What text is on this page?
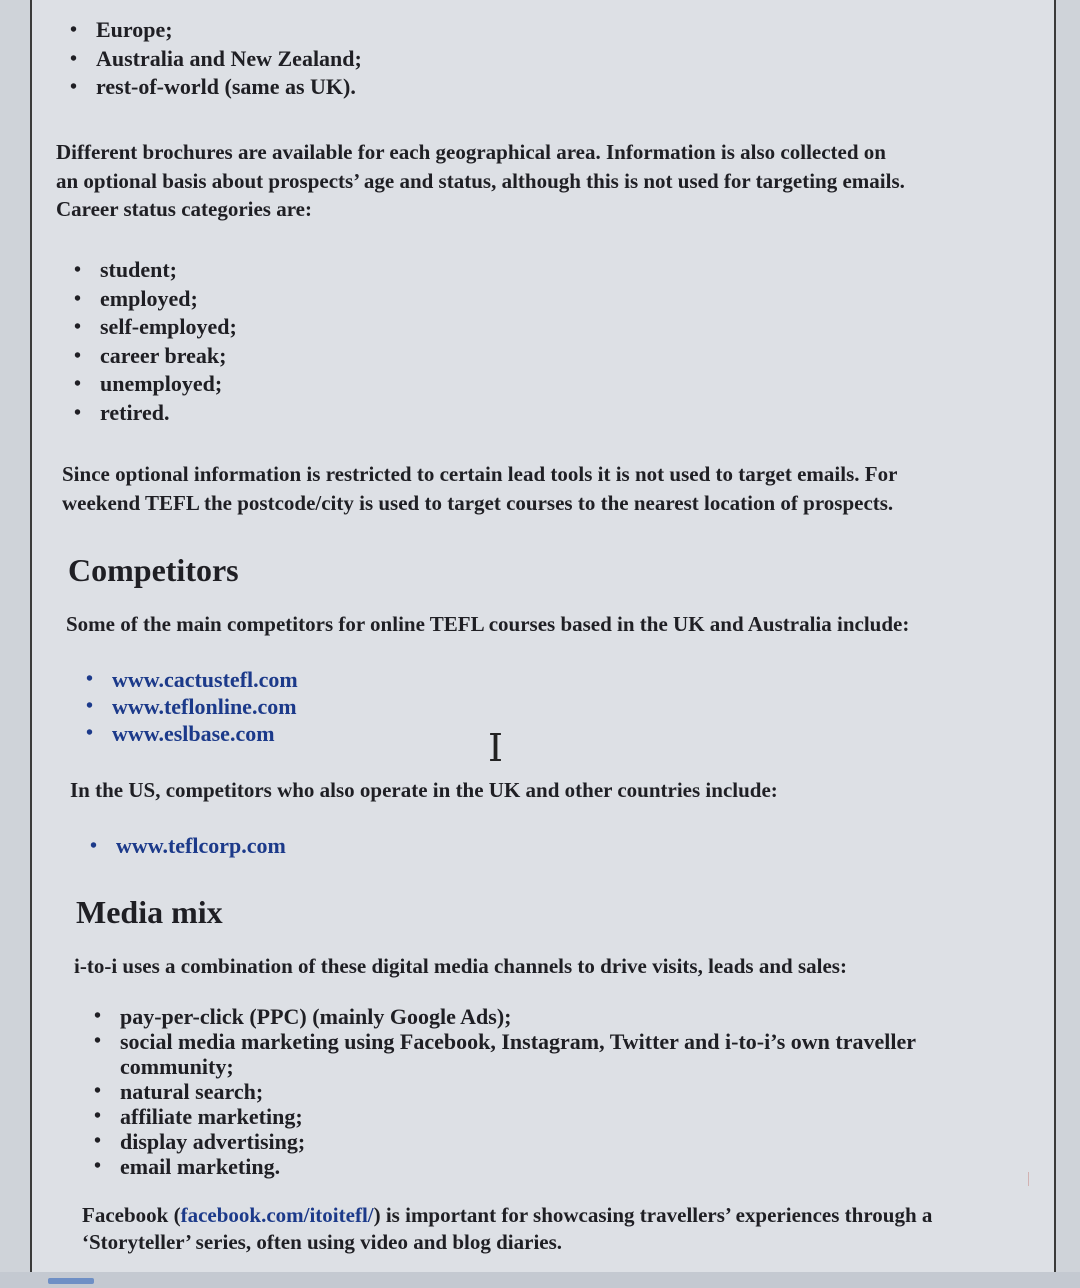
• Europe;
• Australia and New Zealand;
• rest-of-world (same as UK).
Different brochures are available for each geographical area. Information is also collected on
an optional basis about prospects’ age and status, although this is not used for targeting emails.
Career status categories are:
• student;
• employed;
• self-employed;
• career break;
• unemployed;
• retired.
Since optional information is restricted to certain lead tools it is not used to target emails. For
weekend TEFL the postcode/city is used to target courses to the nearest location of prospects.
Competitors
Some of the main competitors for online TEFL courses based in the UK and Australia include:
• www.cactustefl.com
• www.teflonline.com
• www.eslbase.com	I
In the US, competitors who also operate in the UK and other countries include:
• www.teflcorp.com
Media mix
i-to-i uses a combination of these digital media channels to drive visits, leads and sales:
• pay-per-click (PPC) (mainly Google Ads);
• social media marketing using Facebook, Instagram, Twitter and i-to-i’s own traveller
community;
• natural search;
• affiliate marketing;
• display advertising;
• email marketing.
Facebook (facebook.com/itoitefl/) is important for showcasing travellers’ experiences through a
‘Storyteller’ series, often using video and blog diaries.
